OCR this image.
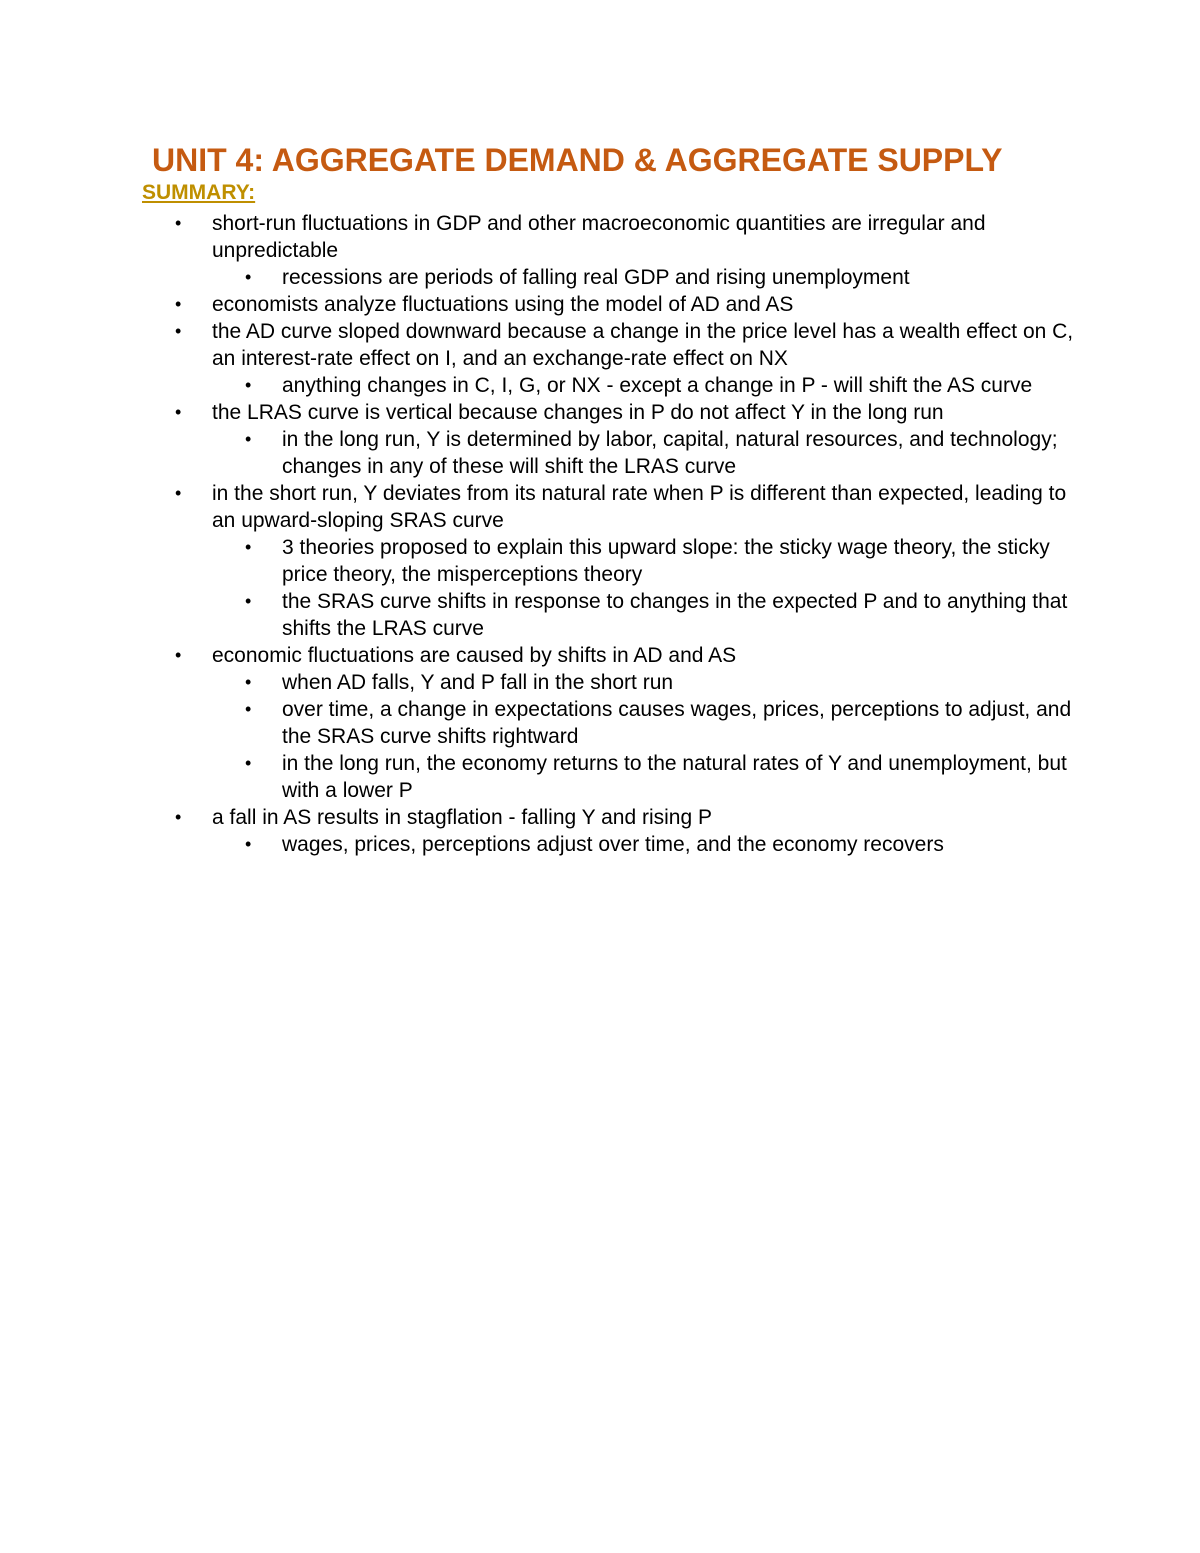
UNIT 4: AGGREGATE DEMAND & AGGREGATE SUPPLY
SUMMARY:
• short-run fluctuations in GDP and other macroeconomic quantities are irregular and unpredictable
• recessions are periods of falling real GDP and rising unemployment
• economists analyze fluctuations using the model of AD and AS
• the AD curve sloped downward because a change in the price level has a wealth effect on C, an interest-rate effect on I, and an exchange-rate effect on NX
• anything changes in C, I, G, or NX - except a change in P - will shift the AS curve
• the LRAS curve is vertical because changes in P do not affect Y in the long run
• in the long run, Y is determined by labor, capital, natural resources, and technology; changes in any of these will shift the LRAS curve
• in the short run, Y deviates from its natural rate when P is different than expected, leading to an upward-sloping SRAS curve
• 3 theories proposed to explain this upward slope: the sticky wage theory, the sticky price theory, the misperceptions theory
• the SRAS curve shifts in response to changes in the expected P and to anything that shifts the LRAS curve
• economic fluctuations are caused by shifts in AD and AS
• when AD falls, Y and P fall in the short run
• over time, a change in expectations causes wages, prices, perceptions to adjust, and the SRAS curve shifts rightward
• in the long run, the economy returns to the natural rates of Y and unemployment, but with a lower P
• a fall in AS results in stagflation - falling Y and rising P
• wages, prices, perceptions adjust over time, and the economy recovers
